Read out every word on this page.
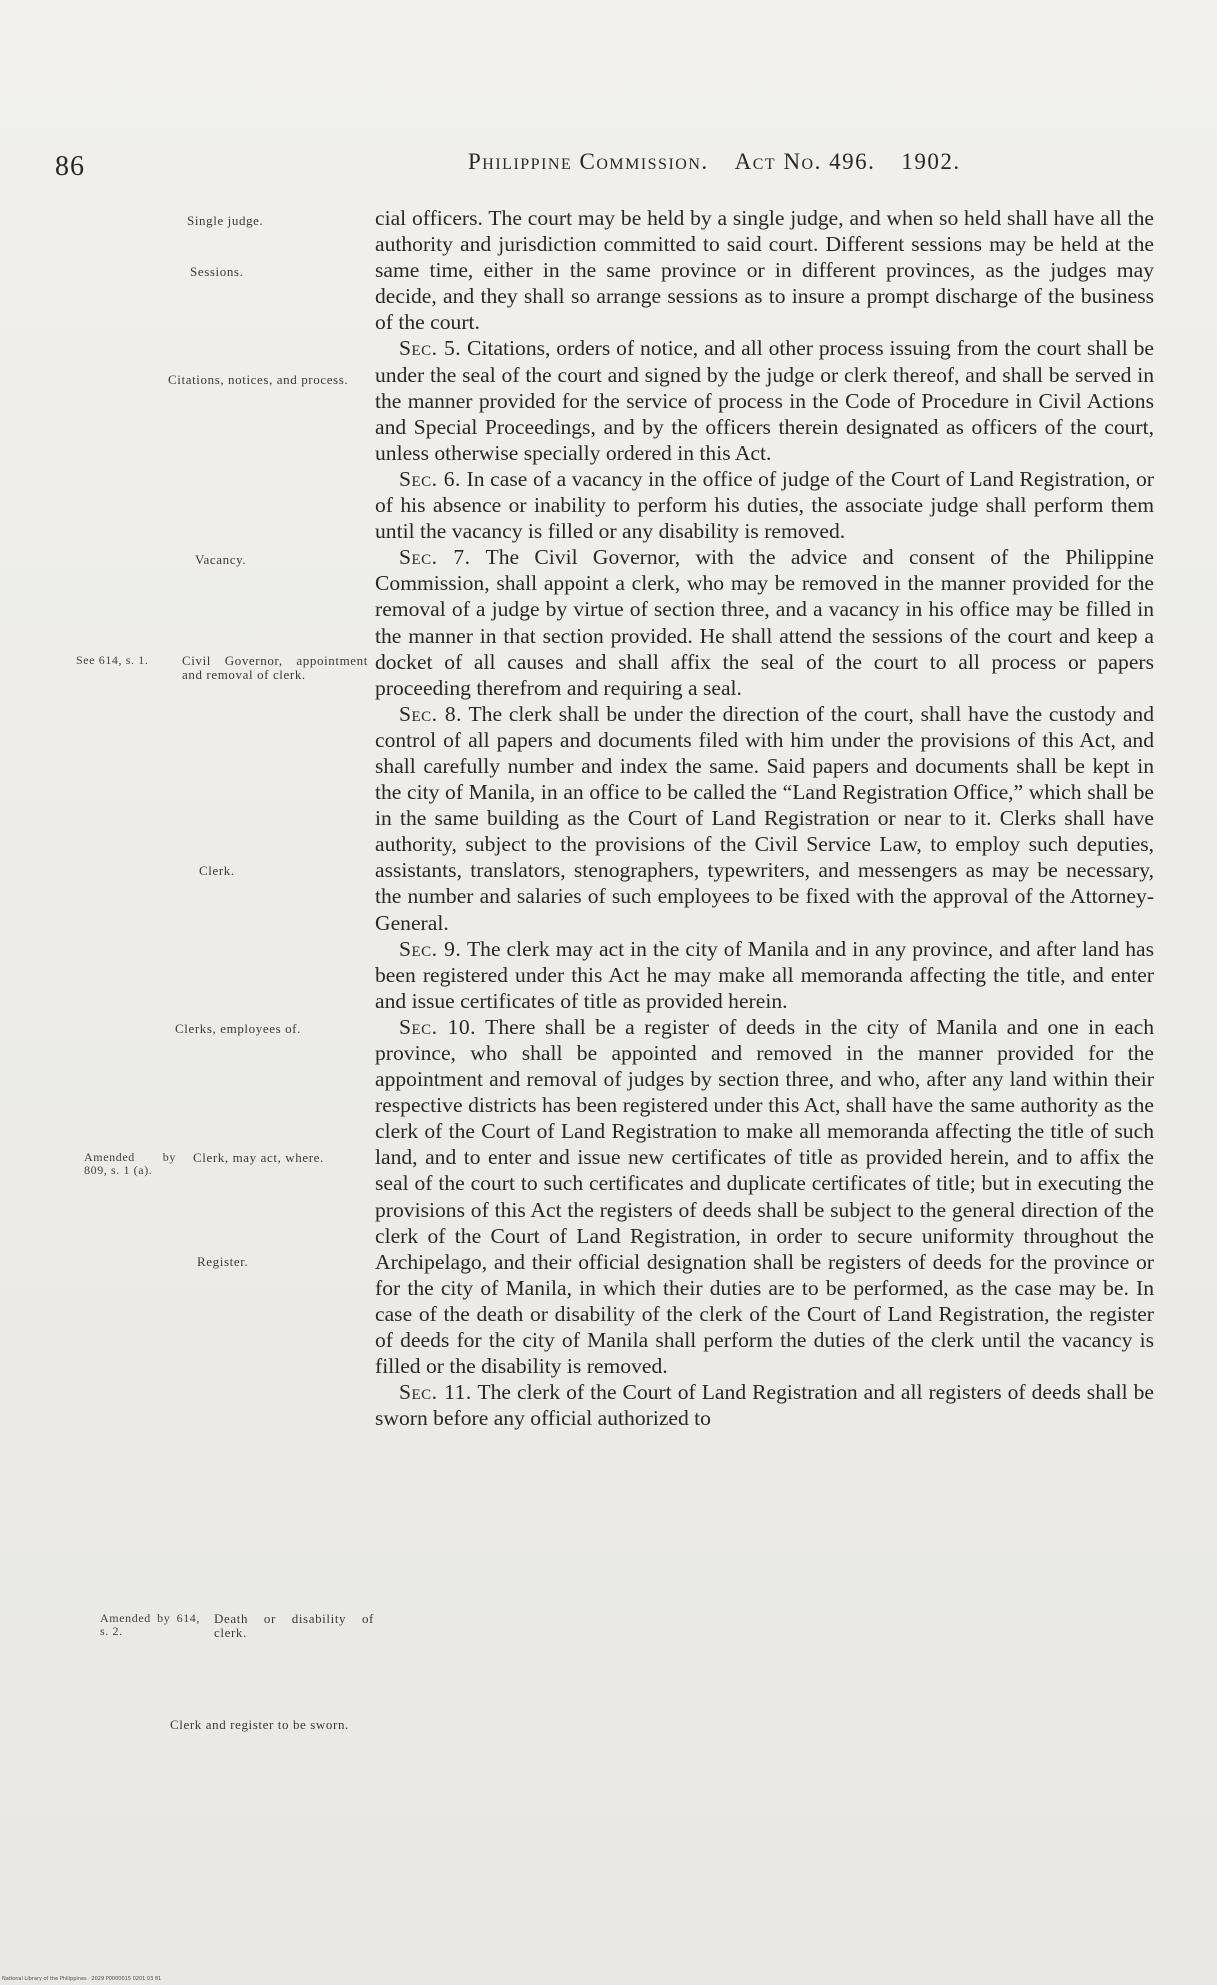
86	Philippine Commission. Act No. 496. 1902.
Single judge.
Sessions.
Citations, notices, and process.
Vacancy.
See 614, s. 1.	Civil Governor, appointment and removal of clerk.
Clerk.
Clerks, employees of.
Amended by 809, s. 1 (a).
Clerk, may act, where.
Register.
Amended by 614, s. 2.
Death or disability of clerk.
Clerk and register to be sworn.

cial officers. The court may be held by a single judge, and when so held shall have all the authority and jurisdiction committed to said court. Different sessions may be held at the same time, either in the same province or in different provinces, as the judges may decide, and they shall so arrange sessions as to insure a prompt discharge of the business of the court.

Sec. 5. Citations, orders of notice, and all other process issuing from the court shall be under the seal of the court and signed by the judge or clerk thereof, and shall be served in the manner provided for the service of process in the Code of Procedure in Civil Actions and Special Proceedings, and by the officers therein designated as officers of the court, unless otherwise specially ordered in this Act.

Sec. 6. In case of a vacancy in the office of judge of the Court of Land Registration, or of his absence or inability to perform his duties, the associate judge shall perform them until the vacancy is filled or any disability is removed.

Sec. 7. The Civil Governor, with the advice and consent of the Philippine Commission, shall appoint a clerk, who may be removed in the manner provided for the removal of a judge by virtue of section three, and a vacancy in his office may be filled in the manner in that section provided. He shall attend the sessions of the court and keep a docket of all causes and shall affix the seal of the court to all process or papers proceeding therefrom and requiring a seal.

Sec. 8. The clerk shall be under the direction of the court, shall have the custody and control of all papers and documents filed with him under the provisions of this Act, and shall carefully number and index the same. Said papers and documents shall be kept in the city of Manila, in an office to be called the “Land Registration Office,” which shall be in the same building as the Court of Land Registration or near to it. Clerks shall have authority, subject to the provisions of the Civil Service Law, to employ such deputies, assistants, translators, stenographers, typewriters, and messengers as may be necessary, the number and salaries of such employees to be fixed with the approval of the Attorney-General.

Sec. 9. The clerk may act in the city of Manila and in any province, and after land has been registered under this Act he may make all memoranda affecting the title, and enter and issue certificates of title as provided herein.

Sec. 10. There shall be a register of deeds in the city of Manila and one in each province, who shall be appointed and removed in the manner provided for the appointment and removal of judges by section three, and who, after any land within their respective districts has been registered under this Act, shall have the same authority as the clerk of the Court of Land Registration to make all memoranda affecting the title of such land, and to enter and issue new certificates of title as provided herein, and to affix the seal of the court to such certificates and duplicate certificates of title; but in executing the provisions of this Act the registers of deeds shall be subject to the general direction of the clerk of the Court of Land Registration, in order to secure uniformity throughout the Archipelago, and their official designation shall be registers of deeds for the province or for the city of Manila, in which their duties are to be performed, as the case may be. In case of the death or disability of the clerk of the Court of Land Registration, the register of deeds for the city of Manila shall perform the duties of the clerk until the vacancy is filled or the disability is removed.

Sec. 11. The clerk of the Court of Land Registration and all registers of deeds shall be sworn before any official authorized to

National Library of the Philippines · 2029 P0000015 0201 03 81
